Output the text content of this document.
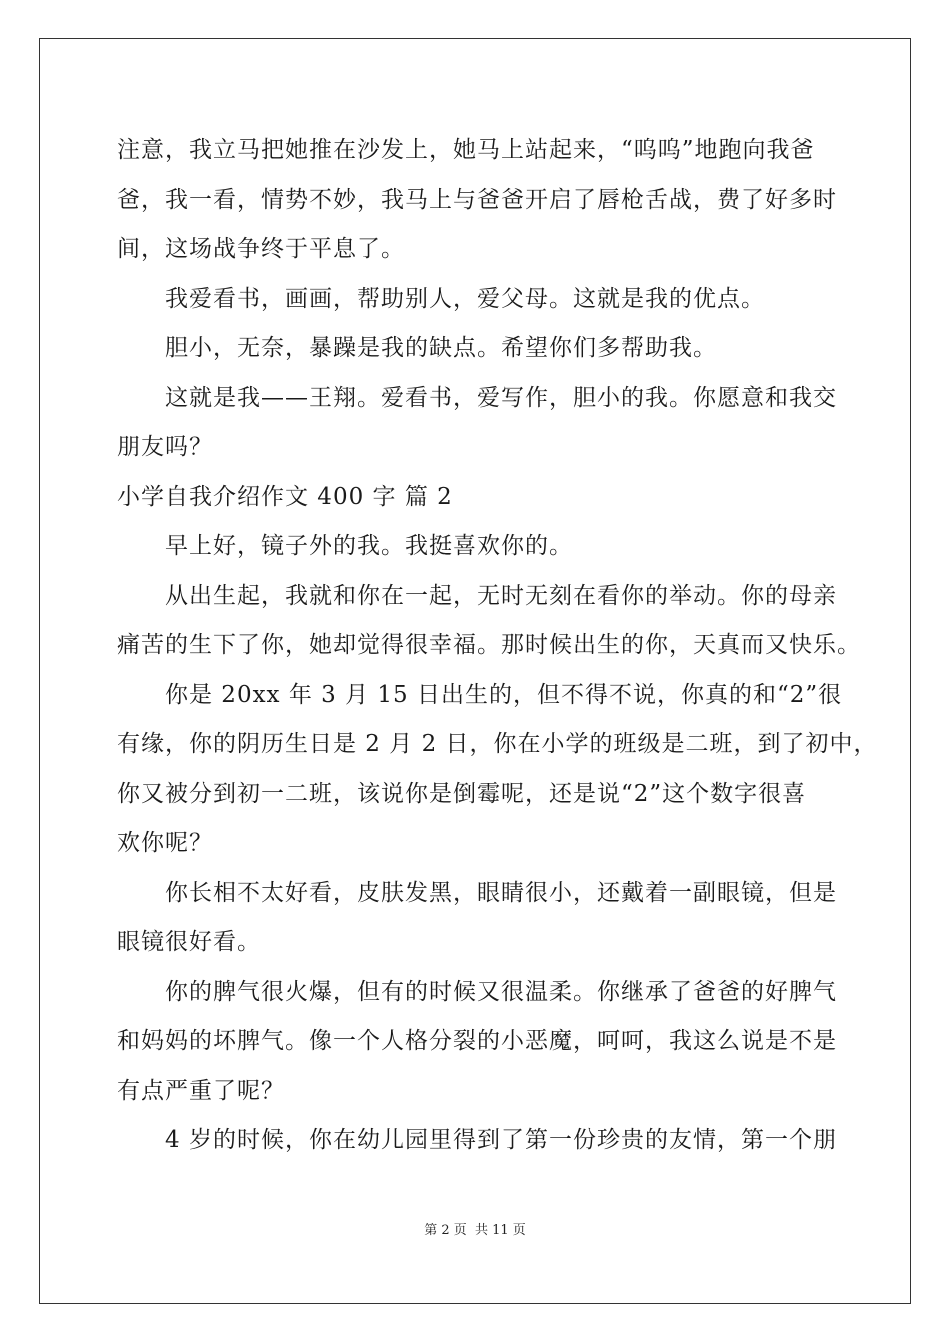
注意，我立马把她推在沙发上，她马上站起来，“呜呜”地跑向我爸
爸，我一看，情势不妙，我马上与爸爸开启了唇枪舌战，费了好多时
间，这场战争终于平息了。
　　我爱看书，画画，帮助别人，爱父母。这就是我的优点。
　　胆小，无奈，暴躁是我的缺点。希望你们多帮助我。
　　这就是我——王翔。爱看书，爱写作，胆小的我。你愿意和我交
朋友吗？
小学自我介绍作文 400 字 篇 2
　　早上好，镜子外的我。我挺喜欢你的。
　　从出生起，我就和你在一起，无时无刻在看你的举动。你的母亲
痛苦的生下了你，她却觉得很幸福。那时候出生的你，天真而又快乐。
　　你是 20xx 年 3 月 15 日出生的，但不得不说，你真的和“2”很
有缘，你的阴历生日是 2 月 2 日，你在小学的班级是二班，到了初中，
你又被分到初一二班，该说你是倒霉呢，还是说“2”这个数字很喜
欢你呢？
　　你长相不太好看，皮肤发黑，眼睛很小，还戴着一副眼镜，但是
眼镜很好看。
　　你的脾气很火爆，但有的时候又很温柔。你继承了爸爸的好脾气
和妈妈的坏脾气。像一个人格分裂的小恶魔，呵呵，我这么说是不是
有点严重了呢？
　　4 岁的时候，你在幼儿园里得到了第一份珍贵的友情，第一个朋
第 2 页 共 11 页
